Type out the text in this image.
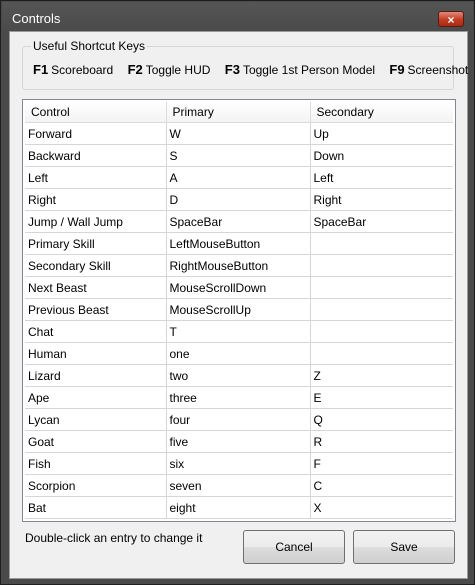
Controls	×
Useful Shortcut Keys
F1 Scoreboard F2 Toggle HUD F3 Toggle 1st Person Model F9 Screenshot
Control	Primary	Secondary
Forward	W	Up
Backward	S	Down
Left	A	Left
Right	D	Right
Jump / Wall Jump	SpaceBar	SpaceBar
Primary Skill	LeftMouseButton	
Secondary Skill	RightMouseButton	
Next Beast	MouseScrollDown	
Previous Beast	MouseScrollUp	
Chat	T	
Human	one	
Lizard	two	Z
Ape	three	E
Lycan	four	Q
Goat	five	R
Fish	six	F
Scorpion	seven	C
Bat	eight	X
Double-click an entry to change it
Cancel	Save
